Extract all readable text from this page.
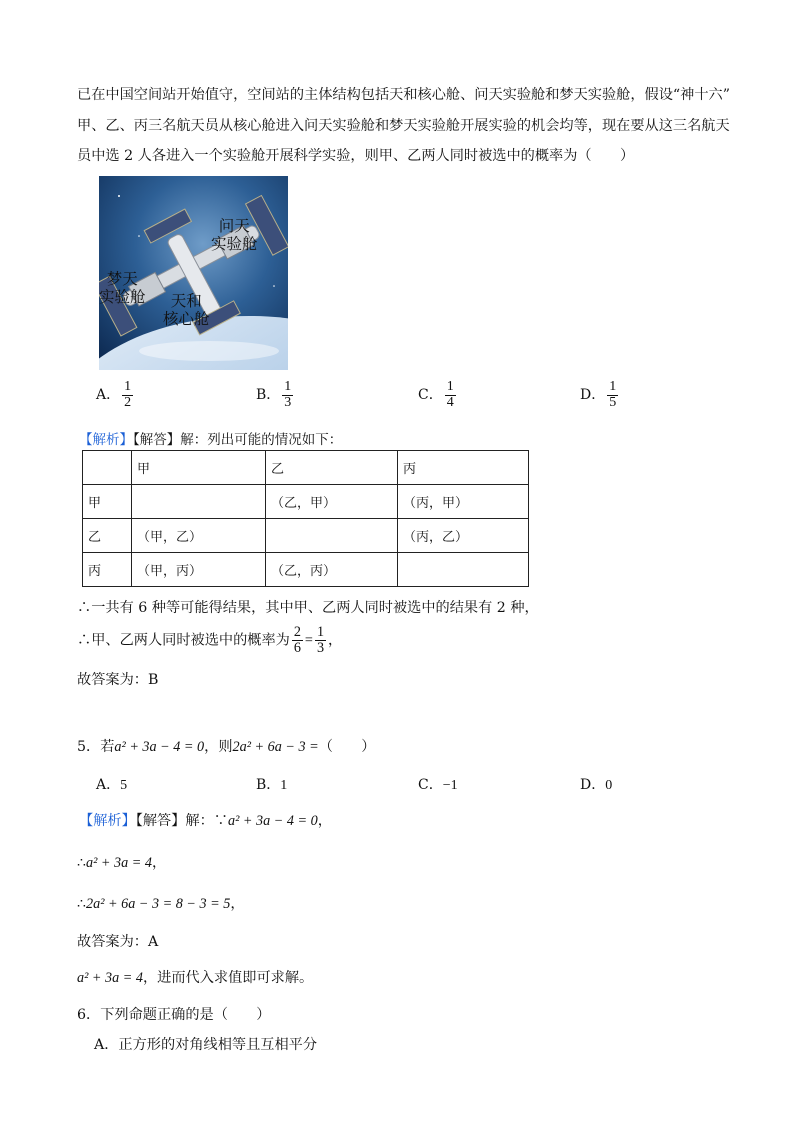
已在中国空间站开始值守，空间站的主体结构包括天和核心舱、问天实验舱和梦天实验舱，假设“神十六”
甲、乙、丙三名航天员从核心舱进入问天实验舱和梦天实验舱开展实验的机会均等，现在要从这三名航天
员中选 2 人各进入一个实验舱开展科学实验，则甲、乙两人同时被选中的概率为（　　）
问天
实验舱
梦天
实验舱	天和
核心舱
A． $\frac{1}{2}$	B． $\frac{1}{3}$	C． $\frac{1}{4}$	D． $\frac{1}{5}$
【解析】【解答】解：列出可能的情况如下：
	甲	乙	丙
甲		（乙，甲）	（丙，甲）
乙	（甲，乙）		（丙，乙）
丙	（甲，丙）	（乙，丙）	
∴一共有 6 种等可能得结果，其中甲、乙两人同时被选中的结果有 2 种，
∴甲、乙两人同时被选中的概率为 $\frac{2}{6} = \frac{1}{3}$ ，
故答案为：B
5．若a² + 3a − 4 = 0，则2a² + 6a − 3 =（　　）
A．5	B．1	C．−1	D．0
【解析】【解答】解：∵a² + 3a − 4 = 0，
∴a² + 3a = 4，
∴2a² + 6a − 3 = 8 − 3 = 5，
故答案为：A
a² + 3a = 4，进而代入求值即可求解。
6．下列命题正确的是（　　）
A．正方形的对角线相等且互相平分
